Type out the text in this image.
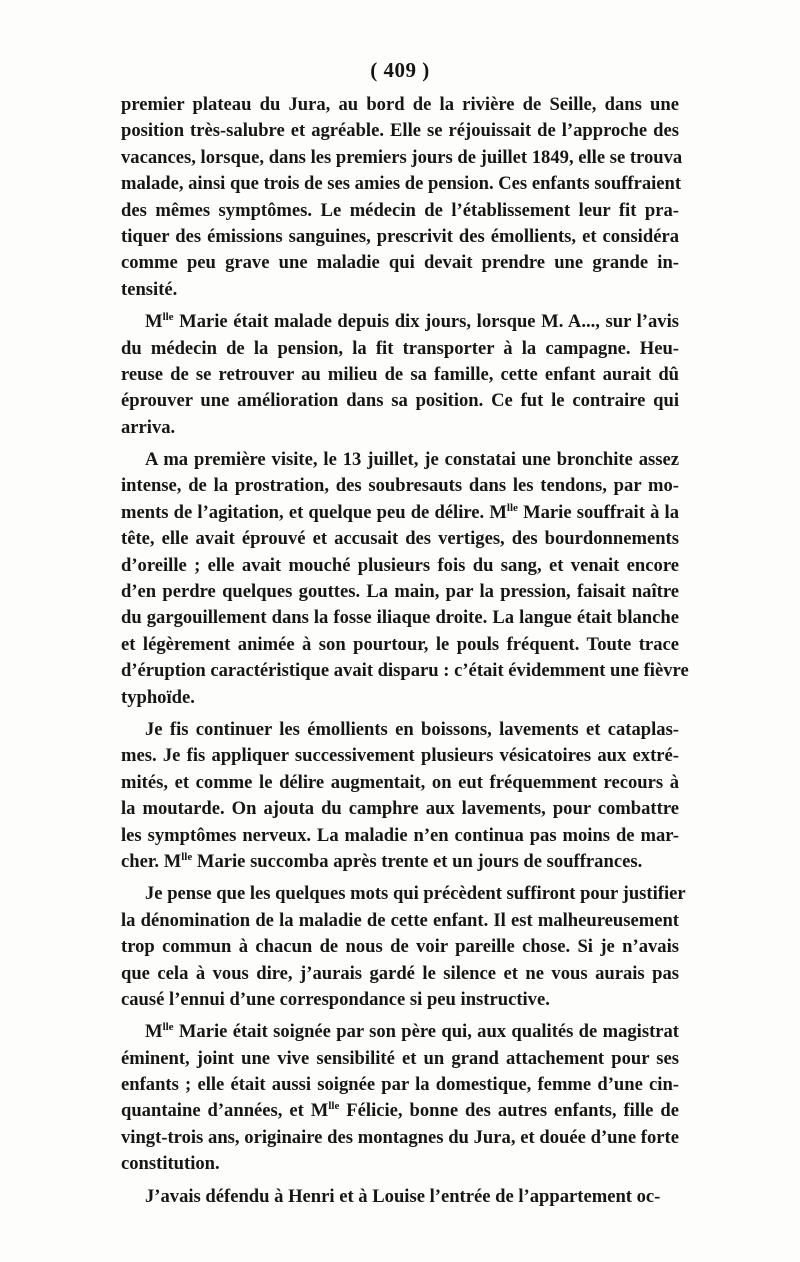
( 409 )
premier plateau du Jura, au bord de la rivière de Seille, dans une
position très-salubre et agréable. Elle se réjouissait de l’approche des
vacances, lorsque, dans les premiers jours de juillet 1849, elle se trouva
malade, ainsi que trois de ses amies de pension. Ces enfants souffraient
des mêmes symptômes. Le médecin de l’établissement leur fit pra-
tiquer des émissions sanguines, prescrivit des émollients, et considéra
comme peu grave une maladie qui devait prendre une grande in-
tensité.
$M^{lle}$ Marie était malade depuis dix jours, lorsque M. A..., sur l’avis
du médecin de la pension, la fit transporter à la campagne. Heu-
reuse de se retrouver au milieu de sa famille, cette enfant aurait dû
éprouver une amélioration dans sa position. Ce fut le contraire qui
arriva.
A ma première visite, le 13 juillet, je constatai une bronchite assez
intense, de la prostration, des soubresauts dans les tendons, par mo-
ments de l’agitation, et quelque peu de délire. $M^{lle}$ Marie souffrait à la
tête, elle avait éprouvé et accusait des vertiges, des bourdonnements
d’oreille ; elle avait mouché plusieurs fois du sang, et venait encore
d’en perdre quelques gouttes. La main, par la pression, faisait naître
du gargouillement dans la fosse iliaque droite. La langue était blanche
et légèrement animée à son pourtour, le pouls fréquent. Toute trace
d’éruption caractéristique avait disparu : c’était évidemment une fièvre
typhoïde.
Je fis continuer les émollients en boissons, lavements et cataplas-
mes. Je fis appliquer successivement plusieurs vésicatoires aux extré-
mités, et comme le délire augmentait, on eut fréquemment recours à
la moutarde. On ajouta du camphre aux lavements, pour combattre
les symptômes nerveux. La maladie n’en continua pas moins de mar-
cher. $M^{lle}$ Marie succomba après trente et un jours de souffrances.
Je pense que les quelques mots qui précèdent suffiront pour justifier
la dénomination de la maladie de cette enfant. Il est malheureusement
trop commun à chacun de nous de voir pareille chose. Si je n’avais
que cela à vous dire, j’aurais gardé le silence et ne vous aurais pas
causé l’ennui d’une correspondance si peu instructive.
$M^{lle}$ Marie était soignée par son père qui, aux qualités de magistrat
éminent, joint une vive sensibilité et un grand attachement pour ses
enfants ; elle était aussi soignée par la domestique, femme d’une cin-
quantaine d’années, et $M^{lle}$ Félicie, bonne des autres enfants, fille de
vingt-trois ans, originaire des montagnes du Jura, et douée d’une forte
constitution.
J’avais défendu à Henri et à Louise l’entrée de l’appartement oc-
